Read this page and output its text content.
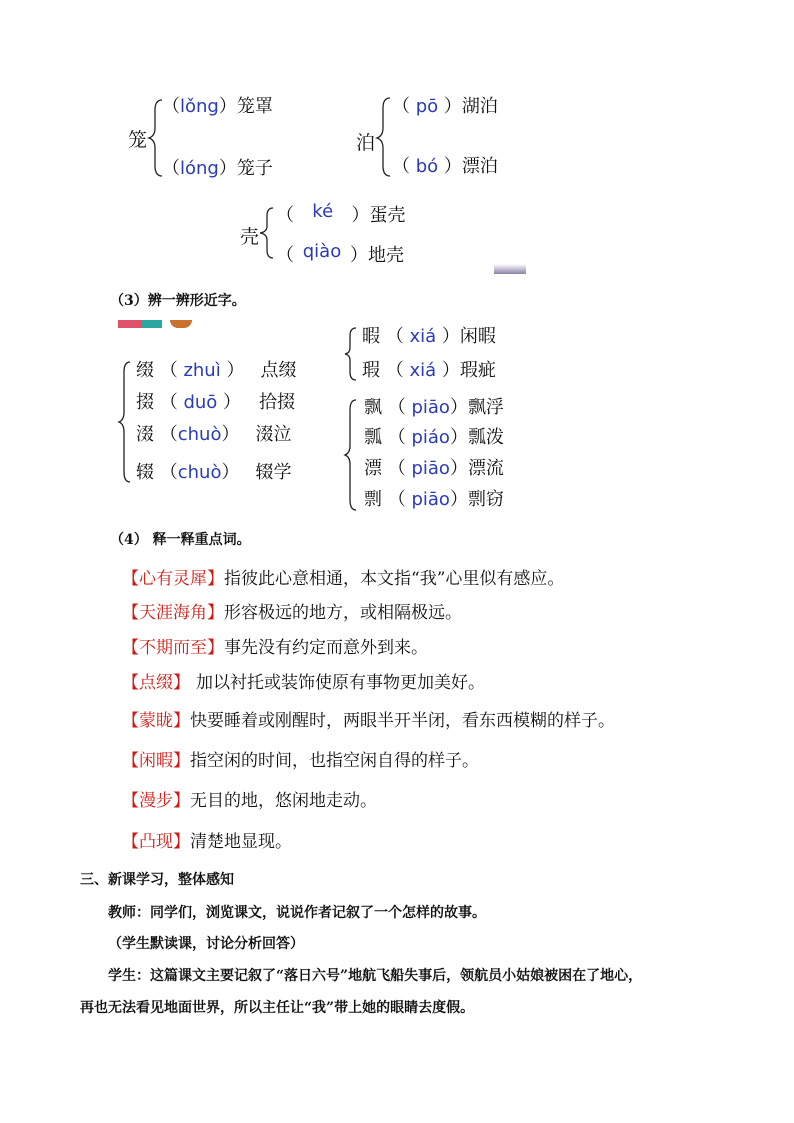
笼
（lǒng）笼罩
（lóng）笼子
泊
（ pō ）湖泊
（ bó ）漂泊
壳
（ ké ）蛋壳
（ qiào ）地壳
（3）辨一辨形近字。
缀 （ zhuì ） 点缀
掇 （ duō ） 拾掇
涰 （chuò） 涰泣
辍 （chuò） 辍学
暇 （ xiá ）闲暇
瑕 （ xiá ）瑕疵
飘 （ piāo）飘浮
瓢 （ piáo）瓢泼
漂 （ piāo）漂流
剽 （ piāo）剽窃
（4） 释一释重点词。
【心有灵犀】指彼此心意相通，本文指“我”心里似有感应。
【天涯海角】形容极远的地方，或相隔极远。
【不期而至】事先没有约定而意外到来。
【点缀】 加以衬托或装饰使原有事物更加美好。
【蒙眬】快要睡着或刚醒时，两眼半开半闭，看东西模糊的样子。
【闲暇】指空闲的时间，也指空闲自得的样子。
【漫步】无目的地，悠闲地走动。
【凸现】清楚地显现。
三、新课学习，整体感知
教师：同学们，浏览课文，说说作者记叙了一个怎样的故事。
（学生默读课，讨论分析回答）
学生：这篇课文主要记叙了“落日六号”地航飞船失事后，领航员小姑娘被困在了地心，
再也无法看见地面世界，所以主任让“我”带上她的眼睛去度假。
